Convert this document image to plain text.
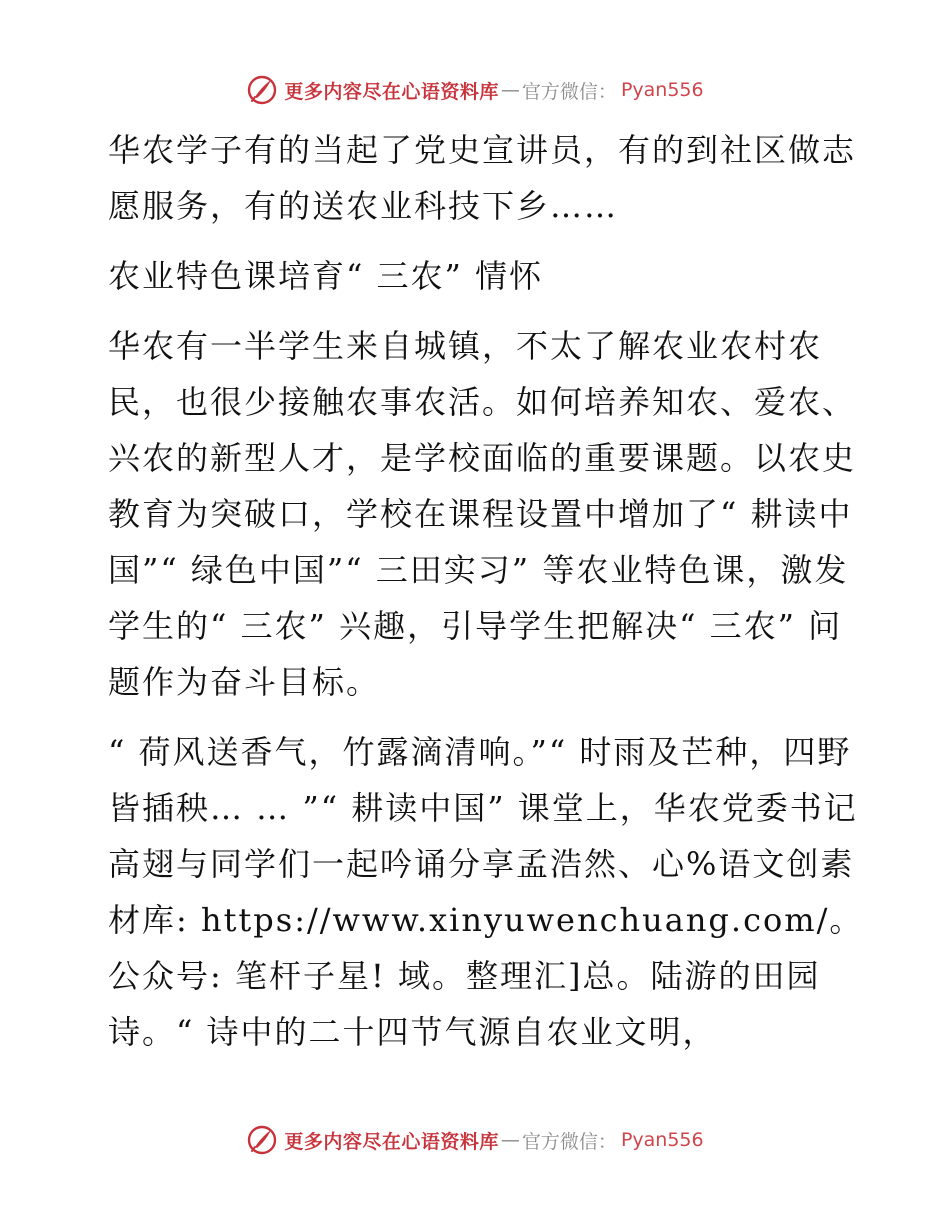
更多内容尽在心语资料库 — 官方微信： Pyan556

华农学子有的当起了党史宣讲员，有的到社区做志愿服务，有的送农业科技下乡……

农业特色课培育“ 三农” 情怀

华农有一半学生来自城镇，不太了解农业农村农民，也很少接触农事农活。如何培养知农、爱农、兴农的新型人才，是学校面临的重要课题。以农史教育为突破口，学校在课程设置中增加了“ 耕读中国”“ 绿色中国”“ 三田实习” 等农业特色课，激发学生的“ 三农” 兴趣，引导学生把解决“ 三农” 问题作为奋斗目标。

“ 荷风送香气，竹露滴清响。”“ 时雨及芒种，四野皆插秧… … ”“ 耕读中国” 课堂上，华农党委书记高翅与同学们一起吟诵分享孟浩然、心%语文创素材库: https://www.xinyuwenchuang.com/。公众号: 笔杆子星! 域。整理汇]总。陆游的田园诗。“ 诗中的二十四节气源自农业文明，

更多内容尽在心语资料库 — 官方微信： Pyan556
